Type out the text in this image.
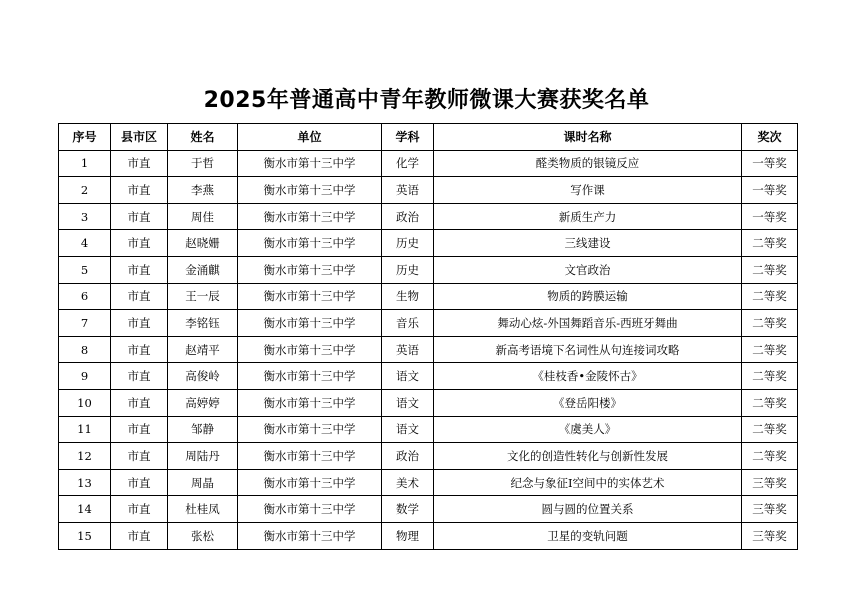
2025年普通高中青年教师微课大赛获奖名单
序号	县市区	姓名	单位	学科	课时名称	奖次
1	市直	于哲	衡水市第十三中学	化学	醛类物质的银镜反应	一等奖
2	市直	李燕	衡水市第十三中学	英语	写作课	一等奖
3	市直	周佳	衡水市第十三中学	政治	新质生产力	一等奖
4	市直	赵晓姗	衡水市第十三中学	历史	三线建设	二等奖
5	市直	金涌麒	衡水市第十三中学	历史	文官政治	二等奖
6	市直	王一辰	衡水市第十三中学	生物	物质的跨膜运输	二等奖
7	市直	李铭钰	衡水市第十三中学	音乐	舞动心炫-外国舞蹈音乐-西班牙舞曲	二等奖
8	市直	赵靖平	衡水市第十三中学	英语	新高考语境下名词性从句连接词攻略	二等奖
9	市直	高俊岭	衡水市第十三中学	语文	《桂枝香•金陵怀古》	二等奖
10	市直	高婷婷	衡水市第十三中学	语文	《登岳阳楼》	二等奖
11	市直	邹静	衡水市第十三中学	语文	《虞美人》	二等奖
12	市直	周陆丹	衡水市第十三中学	政治	文化的创造性转化与创新性发展	二等奖
13	市直	周晶	衡水市第十三中学	美术	纪念与象征Ⅰ空间中的实体艺术	三等奖
14	市直	杜桂凤	衡水市第十三中学	数学	圆与圆的位置关系	三等奖
15	市直	张松	衡水市第十三中学	物理	卫星的变轨问题	三等奖
